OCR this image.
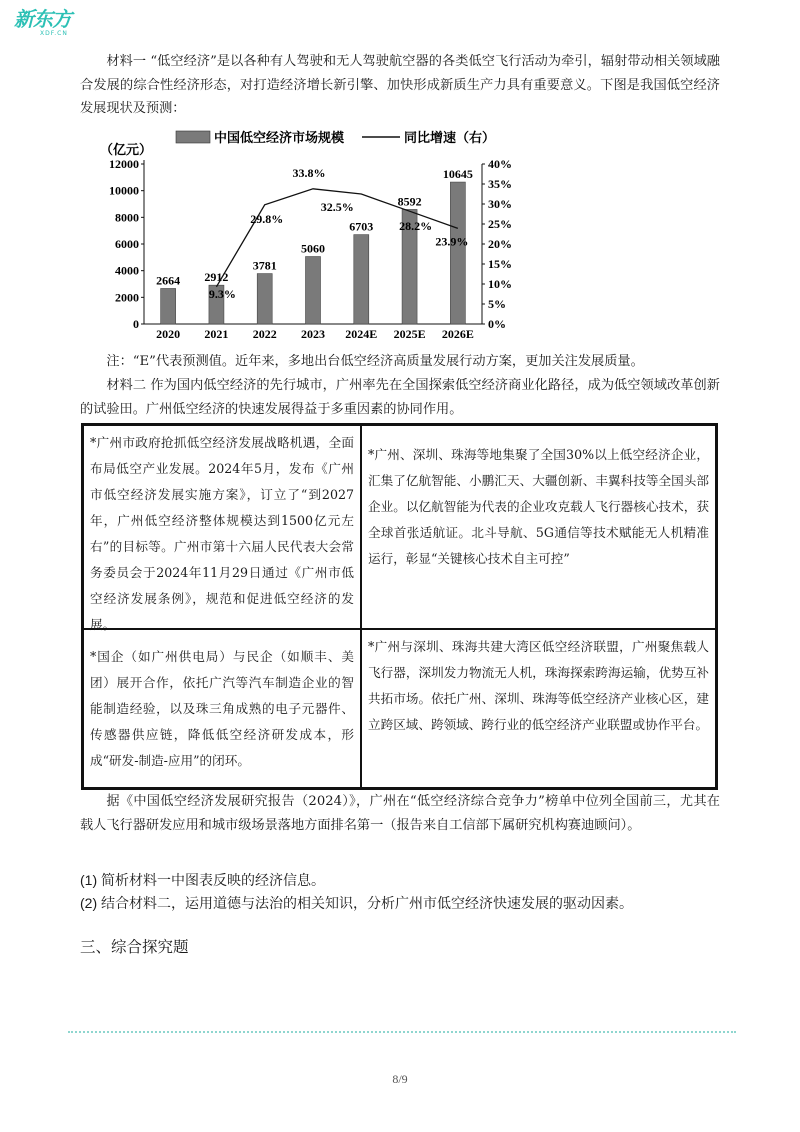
新东方
XDF.CN

材料一 “低空经济”是以各种有人驾驶和无人驾驶航空器的各类低空飞行活动为牵引，辐射带动相关领域融合发展的综合性经济形态，对打造经济增长新引擎、加快形成新质生产力具有重要意义。下图是我国低空经济发展现状及预测：

中国低空经济市场规模	同比增速（右）
（亿元）
0
2000
4000
6000
8000
10000
12000
0%
5%
10%
15%
20%
25%
30%
35%
40%
2664
2020
2912
2021
3781
2022
5060
2023
6703
2024E
8592
2025E
10645
2026E
9.3%
29.8%
33.8%
32.5%
28.2%
23.9%

注：“E”代表预测值。近年来，多地出台低空经济高质量发展行动方案，更加关注发展质量。

材料二 作为国内低空经济的先行城市，广州率先在全国探索低空经济商业化路径，成为低空领域改革创新的试验田。广州低空经济的快速发展得益于多重因素的协同作用。

*广州市政府抢抓低空经济发展战略机遇，全面布局低空产业发展。2024年5月，发布《广州市低空经济发展实施方案》，订立了“到2027年，广州低空经济整体规模达到1500亿元左右”的目标等。广州市第十六届人民代表大会常务委员会于2024年11月29日通过《广州市低空经济发展条例》，规范和促进低空经济的发展。
*广州、深圳、珠海等地集聚了全国30%以上低空经济企业，汇集了亿航智能、小鹏汇天、大疆创新、丰翼科技等全国头部企业。以亿航智能为代表的企业攻克载人飞行器核心技术，获全球首张适航证。北斗导航、5G通信等技术赋能无人机精准运行，彰显“关键核心技术自主可控”
*国企（如广州供电局）与民企（如顺丰、美团）展开合作，依托广汽等汽车制造企业的智能制造经验，以及珠三角成熟的电子元器件、传感器供应链，降低低空经济研发成本，形成“研发-制造-应用”的闭环。
*广州与深圳、珠海共建大湾区低空经济联盟，广州聚焦载人飞行器，深圳发力物流无人机，珠海探索跨海运输，优势互补共拓市场。依托广州、深圳、珠海等低空经济产业核心区，建立跨区域、跨领域、跨行业的低空经济产业联盟或协作平台。

据《中国低空经济发展研究报告（2024）》，广州在“低空经济综合竞争力”榜单中位列全国前三，尤其在载人飞行器研发应用和城市级场景落地方面排名第一（报告来自工信部下属研究机构赛迪顾问）。

(1) 简析材料一中图表反映的经济信息。
(2) 结合材料二，运用道德与法治的相关知识，分析广州市低空经济快速发展的驱动因素。
三、综合探究题
8/9
